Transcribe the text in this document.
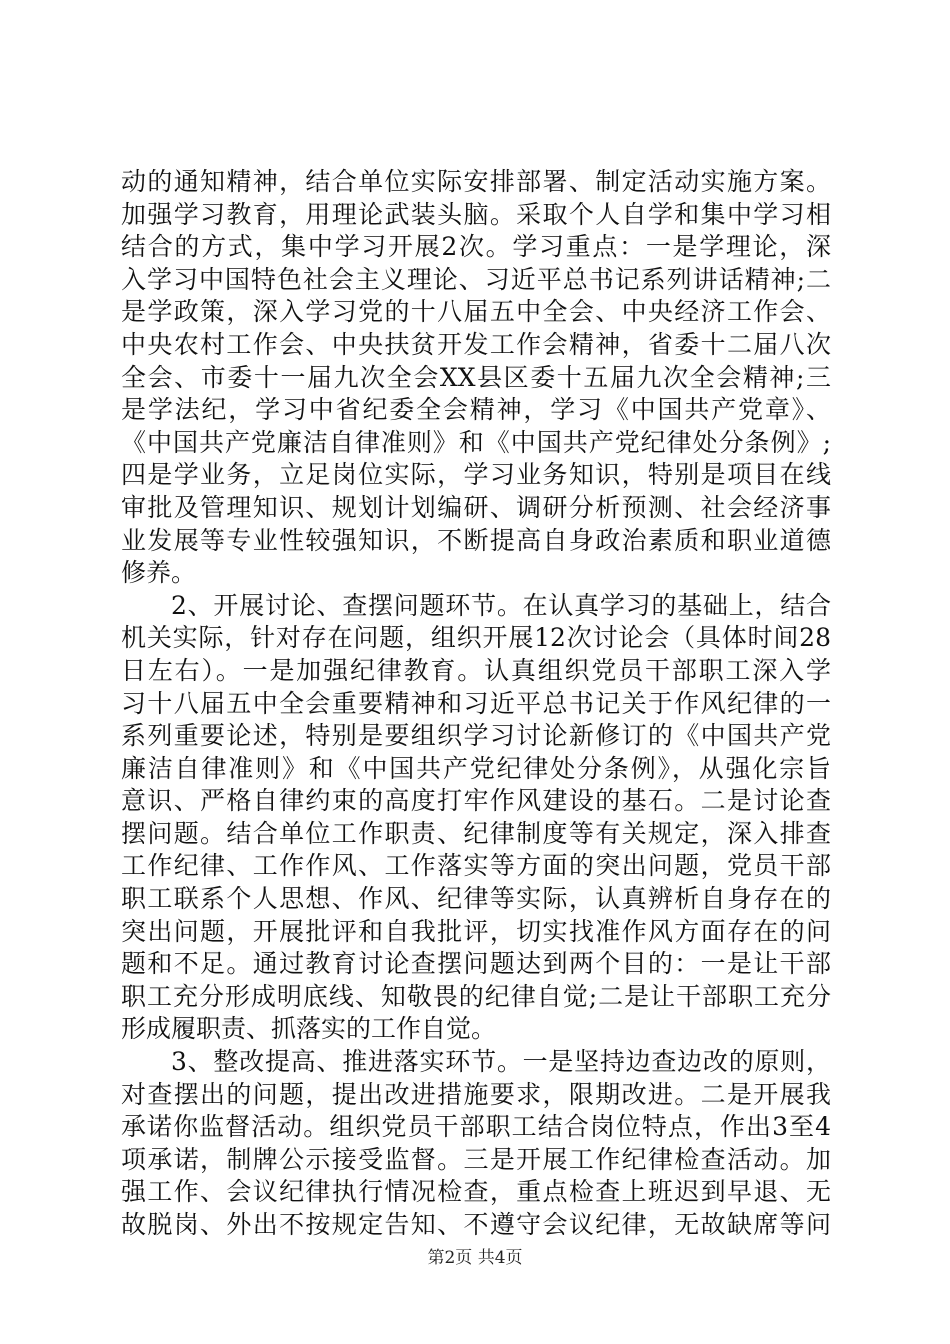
动的通知精神，结合单位实际安排部署、制定活动实施方案。
加强学习教育，用理论武装头脑。采取个人自学和集中学习相
结合的方式，集中学习开展2次。学习重点：一是学理论，深
入学习中国特色社会主义理论、习近平总书记系列讲话精神;二
是学政策，深入学习党的十八届五中全会、中央经济工作会、
中央农村工作会、中央扶贫开发工作会精神，省委十二届八次
全会、市委十一届九次全会XX县区委十五届九次全会精神;三
是学法纪，学习中省纪委全会精神，学习《中国共产党章》、
《中国共产党廉洁自律准则》和《中国共产党纪律处分条例》;
四是学业务，立足岗位实际，学习业务知识，特别是项目在线
审批及管理知识、规划计划编研、调研分析预测、社会经济事
业发展等专业性较强知识，不断提高自身政治素质和职业道德
修养。
2、开展讨论、查摆问题环节。在认真学习的基础上，结合
机关实际，针对存在问题，组织开展12次讨论会（具体时间28
日左右）。一是加强纪律教育。认真组织党员干部职工深入学
习十八届五中全会重要精神和习近平总书记关于作风纪律的一
系列重要论述，特别是要组织学习讨论新修订的《中国共产党
廉洁自律准则》和《中国共产党纪律处分条例》，从强化宗旨
意识、严格自律约束的高度打牢作风建设的基石。二是讨论查
摆问题。结合单位工作职责、纪律制度等有关规定，深入排查
工作纪律、工作作风、工作落实等方面的突出问题，党员干部
职工联系个人思想、作风、纪律等实际，认真辨析自身存在的
突出问题，开展批评和自我批评，切实找准作风方面存在的问
题和不足。通过教育讨论查摆问题达到两个目的：一是让干部
职工充分形成明底线、知敬畏的纪律自觉;二是让干部职工充分
形成履职责、抓落实的工作自觉。
3、整改提高、推进落实环节。一是坚持边查边改的原则，
对查摆出的问题，提出改进措施要求，限期改进。二是开展我
承诺你监督活动。组织党员干部职工结合岗位特点，作出3至4
项承诺，制牌公示接受监督。三是开展工作纪律检查活动。加
强工作、会议纪律执行情况检查，重点检查上班迟到早退、无
故脱岗、外出不按规定告知、不遵守会议纪律，无故缺席等问
第2页 共4页
